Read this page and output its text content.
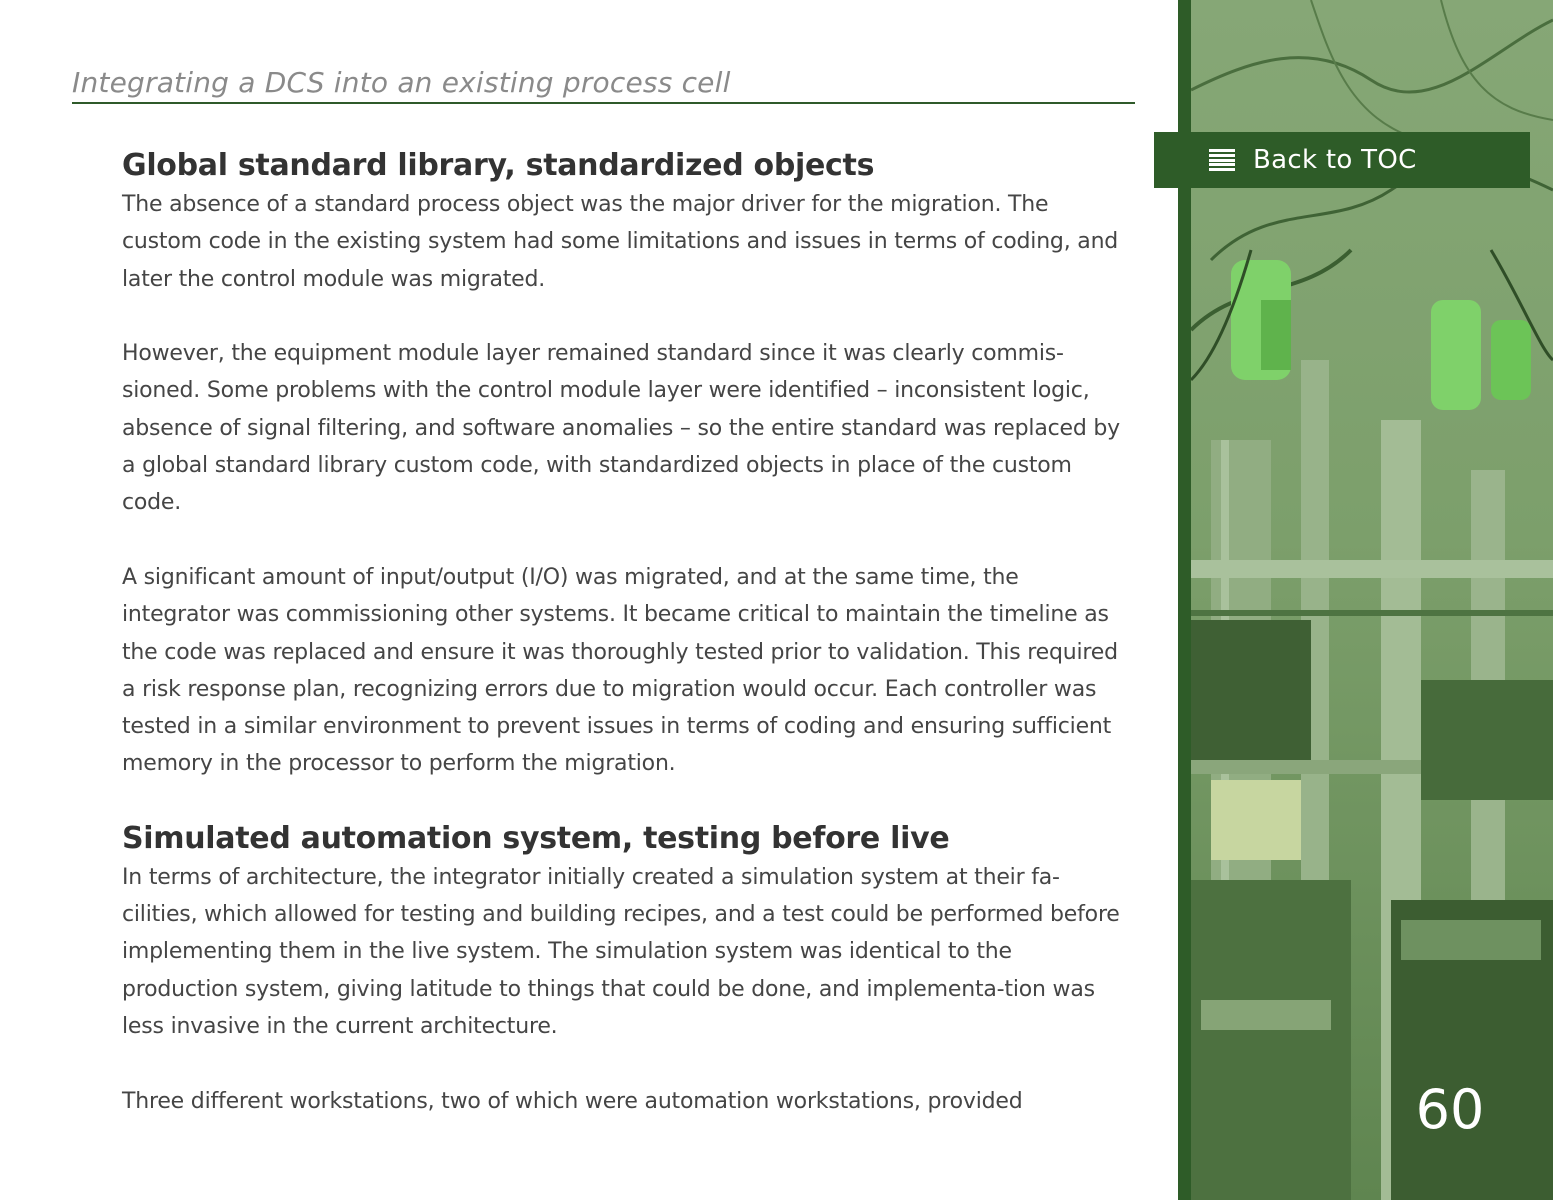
Integrating a DCS into an existing process cell
Global standard library, standardized objects

The absence of a standard process object was the major driver for the migration. The custom code in the existing system had some limitations and issues in terms of coding, and later the control module was migrated.

However, the equipment module layer remained standard since it was clearly commis-sioned. Some problems with the control module layer were identified – inconsistent logic, absence of signal filtering, and software anomalies – so the entire standard was replaced by a global standard library custom code, with standardized objects in place of the custom code.

A significant amount of input/output (I/O) was migrated, and at the same time, the integrator was commissioning other systems. It became critical to maintain the timeline as the code was replaced and ensure it was thoroughly tested prior to validation. This required a risk response plan, recognizing errors due to migration would occur. Each controller was tested in a similar environment to prevent issues in terms of coding and ensuring sufficient memory in the processor to perform the migration.

Simulated automation system, testing before live

In terms of architecture, the integrator initially created a simulation system at their fa-cilities, which allowed for testing and building recipes, and a test could be performed before implementing them in the live system. The simulation system was identical to the production system, giving latitude to things that could be done, and implementa-tion was less invasive in the current architecture.

Three different workstations, two of which were automation workstations, provided

Back to TOC
60
